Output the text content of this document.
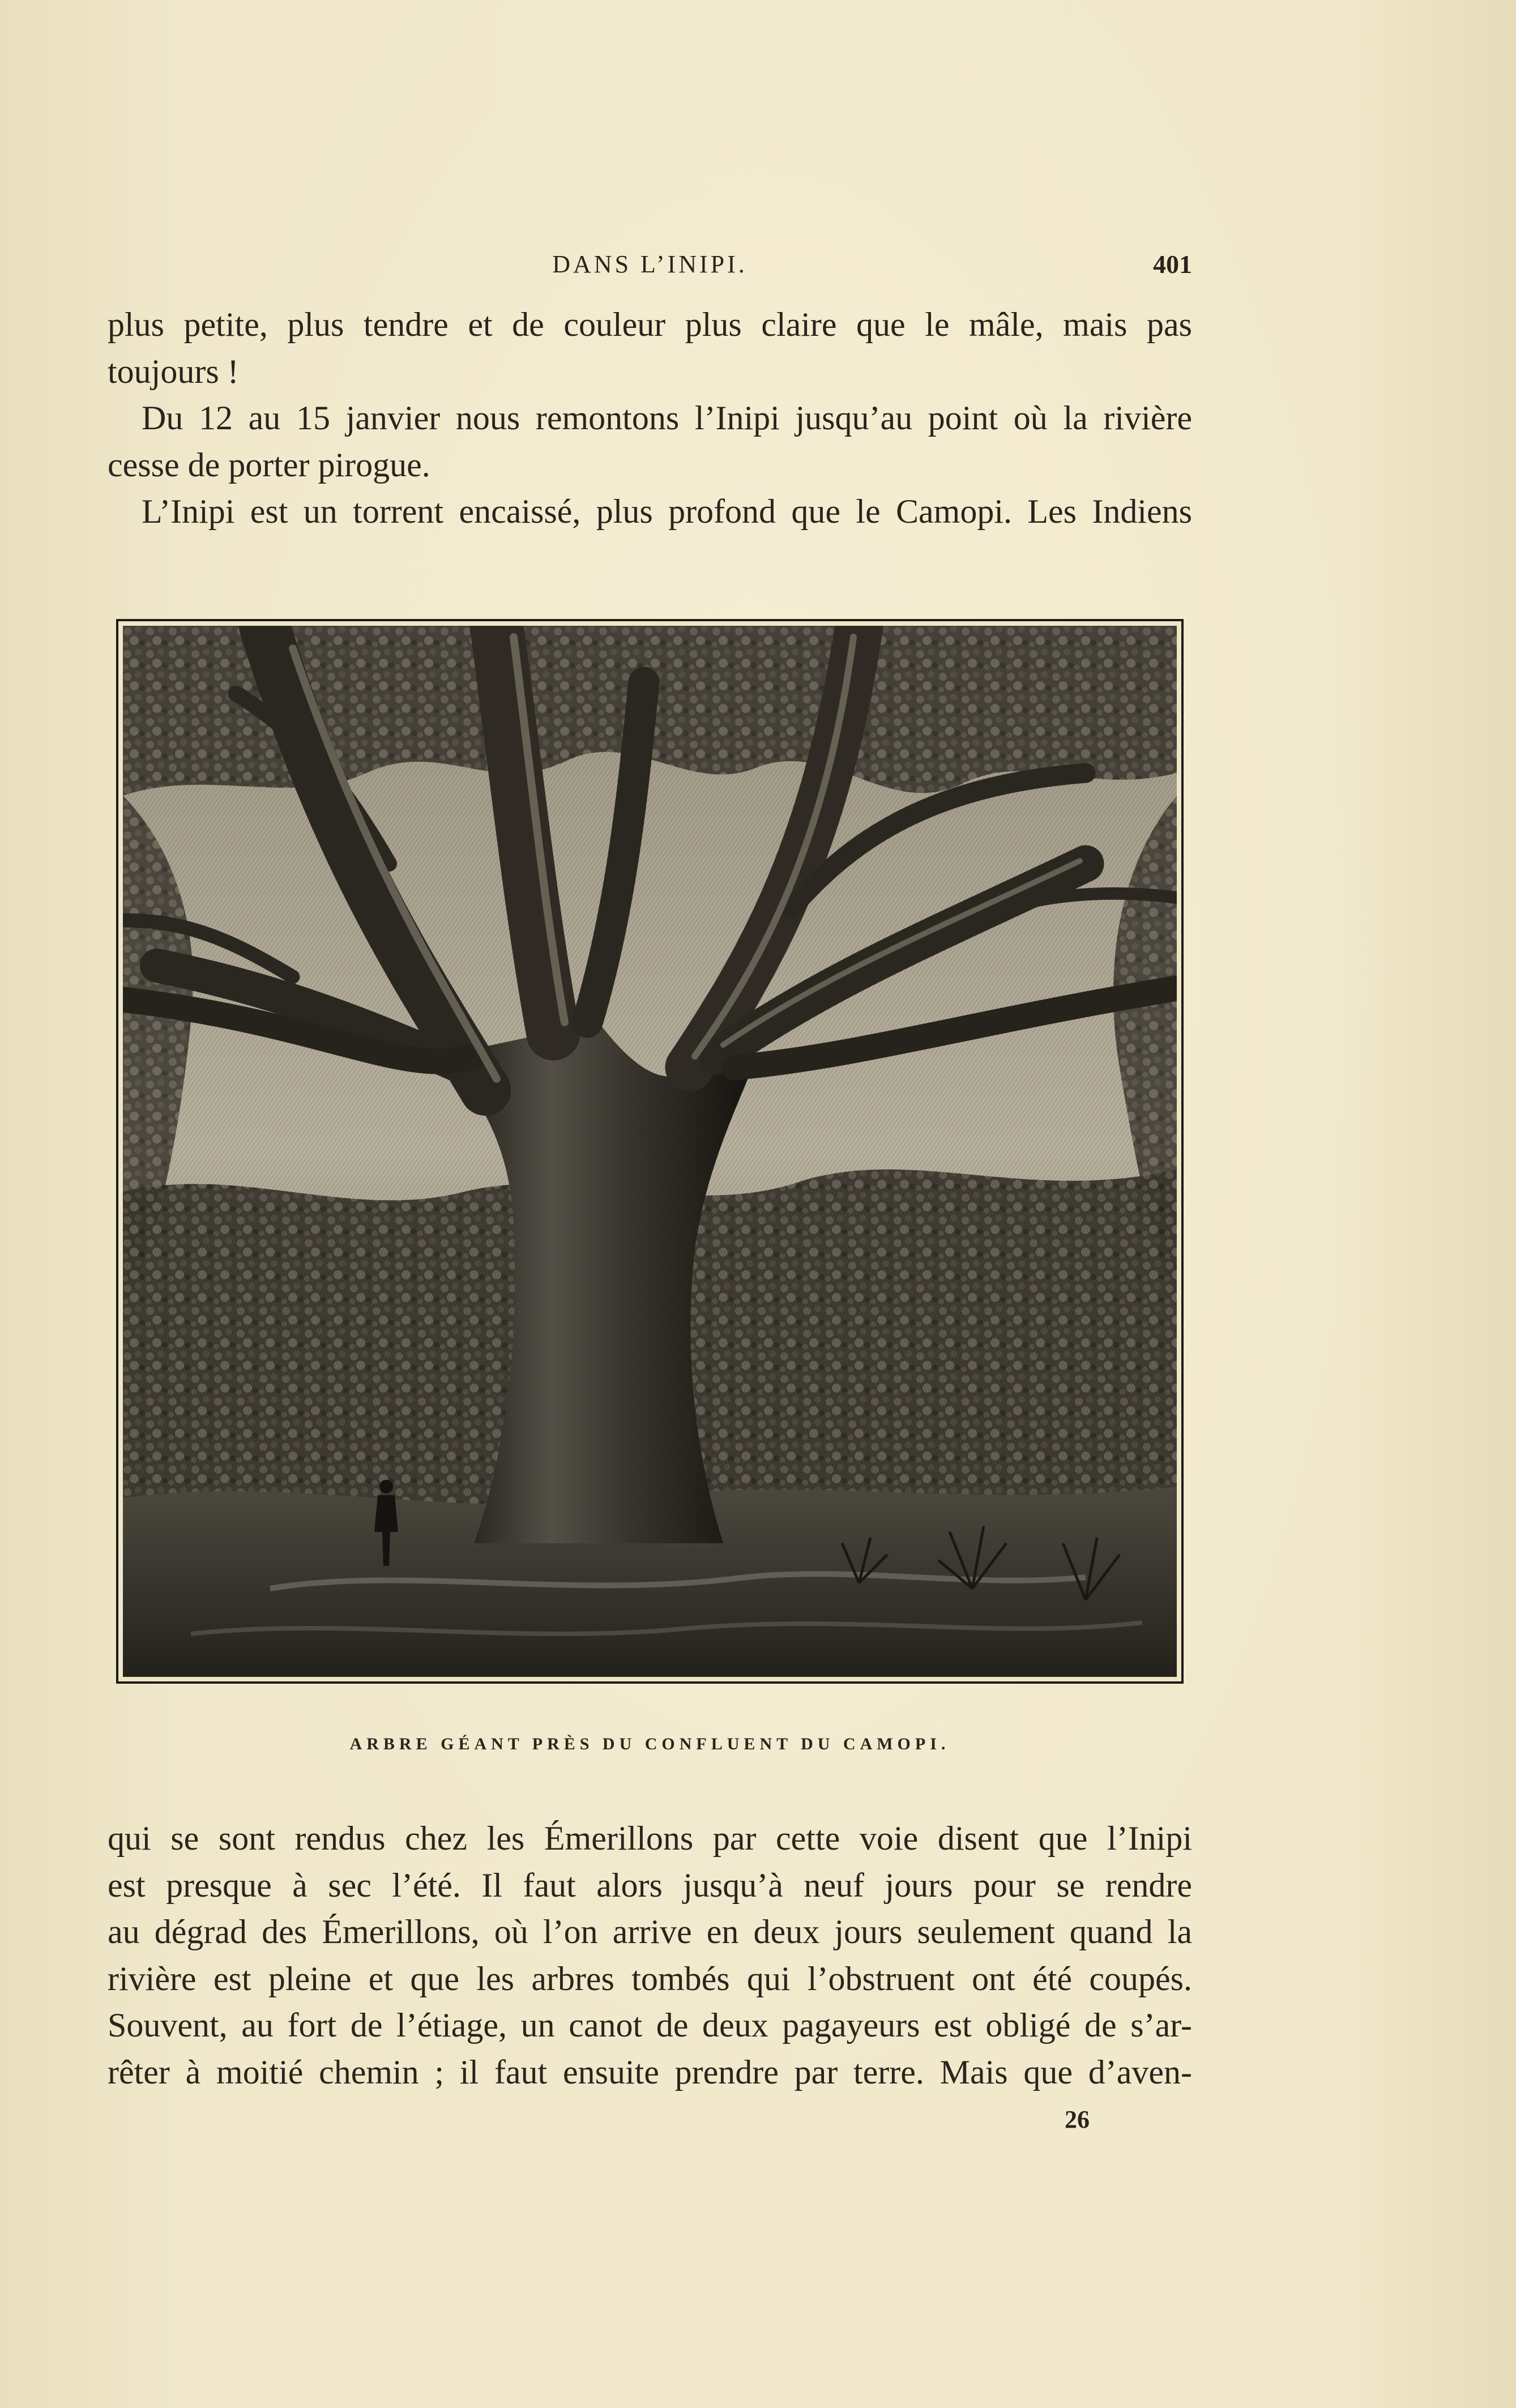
DANS L’INIPI.	401
plus petite, plus tendre et de couleur plus claire que le mâle, mais pas
toujours !
Du 12 au 15 janvier nous remontons l’Inipi jusqu’au point où la rivière
cesse de porter pirogue.
L’Inipi est un torrent encaissé, plus profond que le Camopi. Les Indiens
ARBRE GÉANT PRÈS DU CONFLUENT DU CAMOPI.
qui se sont rendus chez les Émerillons par cette voie disent que l’Inipi
est presque à sec l’été. Il faut alors jusqu’à neuf jours pour se rendre
au dégrad des Émerillons, où l’on arrive en deux jours seulement quand la
rivière est pleine et que les arbres tombés qui l’obstruent ont été coupés.
Souvent, au fort de l’étiage, un canot de deux pagayeurs est obligé de s’ar-
rêter à moitié chemin ; il faut ensuite prendre par terre. Mais que d’aven-
26
